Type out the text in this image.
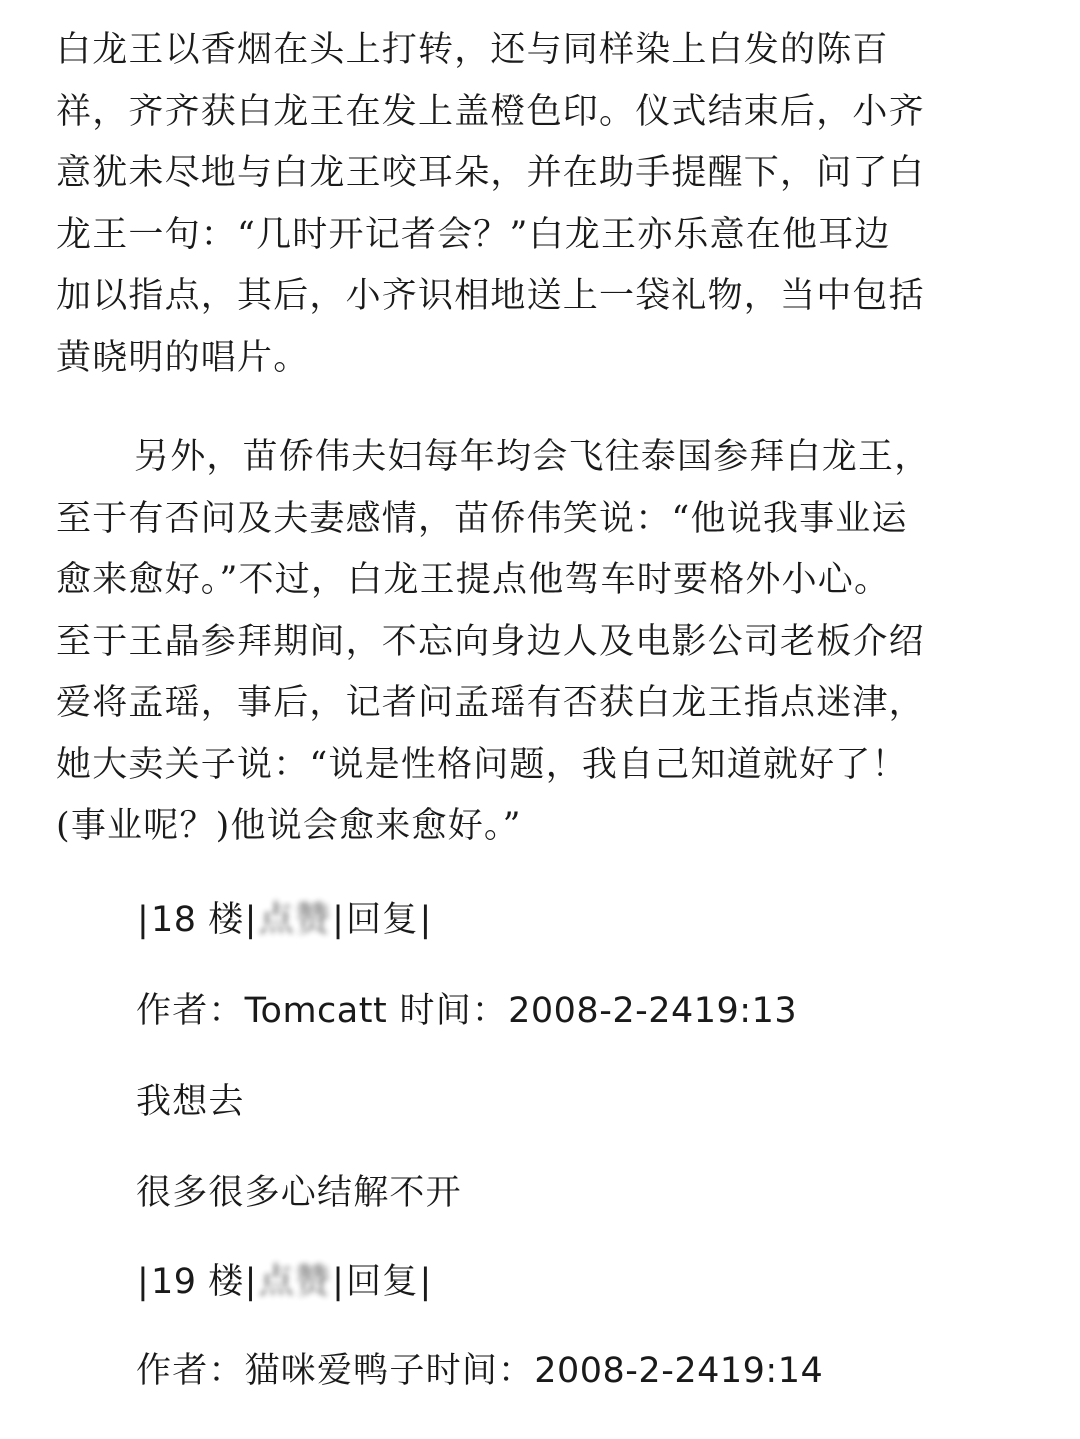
白龙王以香烟在头上打转，还与同样染上白发的陈百
祥，齐齐获白龙王在发上盖橙色印。仪式结束后，小齐
意犹未尽地与白龙王咬耳朵，并在助手提醒下，问了白
龙王一句：“几时开记者会？”白龙王亦乐意在他耳边
加以指点，其后，小齐识相地送上一袋礼物，当中包括
黄晓明的唱片。

另外，苗侨伟夫妇每年均会飞往泰国参拜白龙王，
至于有否问及夫妻感情，苗侨伟笑说：“他说我事业运
愈来愈好。”不过，白龙王提点他驾车时要格外小心。
至于王晶参拜期间，不忘向身边人及电影公司老板介绍
爱将孟瑶，事后，记者问孟瑶有否获白龙王指点迷津，
她大卖关子说：“说是性格问题，我自己知道就好了！
(事业呢？)他说会愈来愈好。”

|18 楼|点赞|回复|
作者：Tomcatt 时间：2008-2-2419:13
我想去
很多很多心结解不开
|19 楼|点赞|回复|
作者：猫咪爱鸭子时间：2008-2-2419:14
